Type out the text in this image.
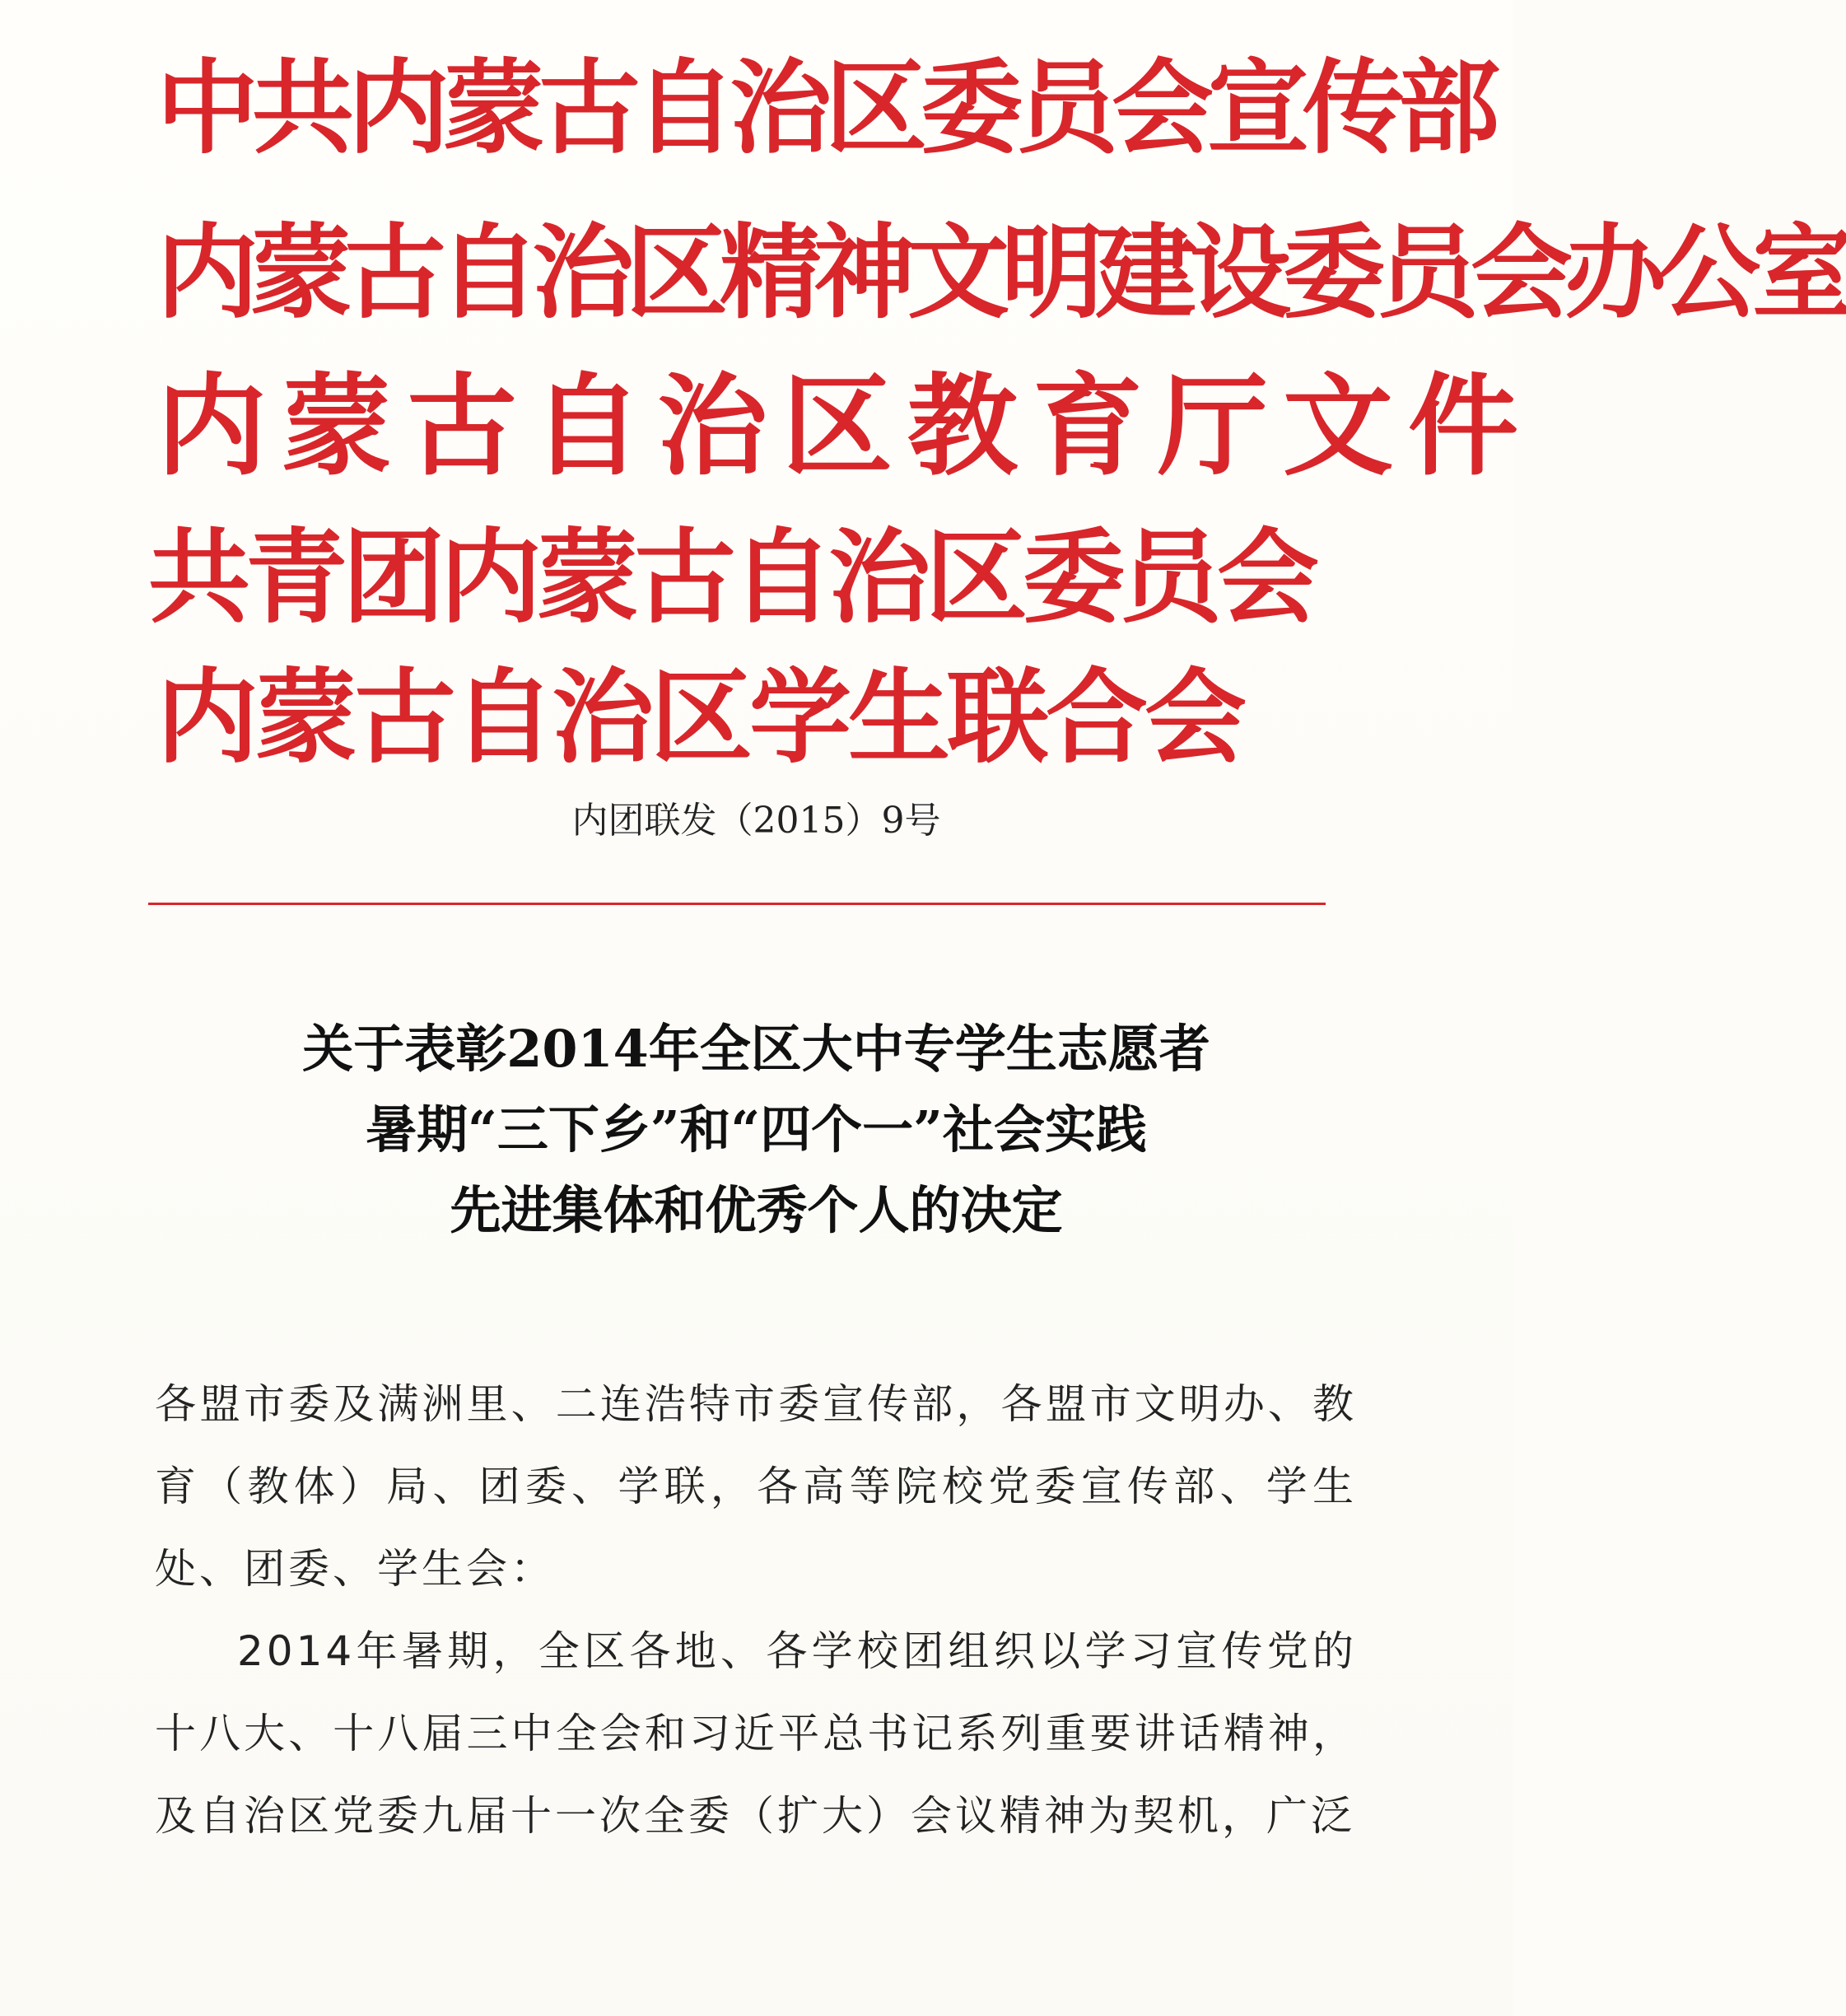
中共内蒙古自治区委员会宣传部
内蒙古自治区精神文明建设委员会办公室
内蒙古自治区教育厅文件
共青团内蒙古自治区委员会
内蒙古自治区学生联合会
内团联发（2015）9号
关于表彰2014年全区大中专学生志愿者
暑期“三下乡”和“四个一”社会实践
先进集体和优秀个人的决定

各盟市委及满洲里、二连浩特市委宣传部，各盟市文明办、教育（教体）局、团委、学联，各高等院校党委宣传部、学生处、团委、学生会：

2014年暑期，全区各地、各学校团组织以学习宣传党的十八大、十八届三中全会和习近平总书记系列重要讲话精神，及自治区党委九届十一次全委（扩大）会议精神为契机，广泛
